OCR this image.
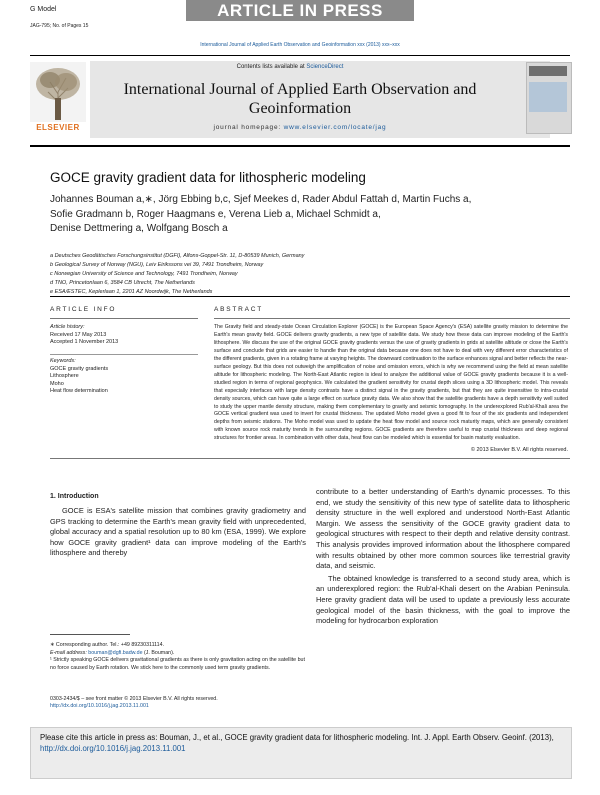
G Model
JAG-795; No. of Pages 15
ARTICLE IN PRESS
International Journal of Applied Earth Observation and Geoinformation xxx (2013) xxx–xxx
Contents lists available at ScienceDirect
International Journal of Applied Earth Observation and
Geoinformation
journal homepage: www.elsevier.com/locate/jag
ELSEVIER
GOCE gravity gradient data for lithospheric modeling
Johannes Bouman a,∗, Jörg Ebbing b,c, Sjef Meekes d, Rader Abdul Fattah d, Martin Fuchs a,
Sofie Gradmann b, Roger Haagmans e, Verena Lieb a, Michael Schmidt a,
Denise Dettmering a, Wolfgang Bosch a
a Deutsches Geodätisches Forschungsinstitut (DGFI), Alfons-Goppel-Str. 11, D-80539 Munich, Germany
b Geological Survey of Norway (NGU), Leiv Eirikssons vei 39, 7491 Trondheim, Norway
c Norwegian University of Science and Technology, 7491 Trondheim, Norway
d TNO, Princetonlaan 6, 3584 CB Utrecht, The Netherlands
e ESA/ESTEC, Keplerlaan 1, 2201 AZ Noordwijk, The Netherlands
ARTICLE INFO	ABSTRACT
Article history:
Received 17 May 2013
Accepted 1 November 2013
Keywords:
GOCE gravity gradients
Lithosphere
Moho
Heat flow determination
The Gravity field and steady-state Ocean Circulation Explorer (GOCE) is the European Space Agency's (ESA) satellite gravity mission to determine the Earth's mean gravity field. GOCE delivers gravity gradients, a new type of satellite data. We study how these data can improve modeling of the Earth's lithosphere. We discuss the use of the original GOCE gravity gradients versus the use of gravity gradients in grids at satellite altitude or close the Earth's surface and conclude that grids are easier to handle than the original data because one does not have to deal with very different error characteristics of the different gradients, given in a rotating frame at varying heights. The downward continuation to the surface enhances signal and better reflects the near-surface geology. But this does not outweigh the amplification of noise and omission errors, which is why we recommend using the field at mean satellite altitude for lithospheric modeling. The North-East Atlantic region is ideal to analyze the additional value of GOCE gravity gradients because it is a well-studied region in terms of regional geophysics. We calculated the gradient sensitivity for crustal depth slices using a 3D lithospheric model. This reveals that especially interfaces with large density contrasts have a distinct signal in the gravity gradients, but that they are quite insensitive to intra-crustal density sources, which can have quite a large effect on surface gravity data. We also show that the satellite gradients have a depth sensitivity well suited to study the upper mantle density structure, making them complementary to gravity and seismic tomography. In the underexplored Rub'al-Khali area the GOCE vertical gradient was used to invert for crustal thickness. The updated Moho model gives a good fit to four of the six gradients and independent depths from seismic stations. The Moho model was used to update the heat flow model and source rock maturity maps, which are generally consistent with known source rock maturity trends in the surrounding regions. GOCE gradients are therefore useful to map crustal thickness and deep regional structures for frontier areas. In combination with other data, heat flow can be modeled which is essential for basin maturity evaluation.
© 2013 Elsevier B.V. All rights reserved.
1. Introduction
GOCE is ESA's satellite mission that combines gravity gradiometry and GPS tracking to determine the Earth's mean gravity field with unprecedented, global accuracy and a spatial resolution up to 80 km (ESA, 1999). We explore how GOCE gravity gradient¹ data can improve modeling of the Earth's lithosphere and thereby
contribute to a better understanding of Earth's dynamic processes. To this end, we study the sensitivity of this new type of satellite data to lithospheric density structure in the well explored and understood North-East Atlantic Margin. We assess the sensitivity of the GOCE gravity gradient data to geological structures with respect to their depth and relative density contrast. This analysis provides improved information about the lithosphere compared with results obtained by other more common sources like terrestrial gravity data, and seismic.
The obtained knowledge is transferred to a second study area, which is an underexplored region: the Rub'al-Khali desert on the Arabian Peninsula. Here gravity gradient data will be used to update a previously less accurate geological model of the basin thickness, with the goal to improve the modeling for hydrocarbon exploration
∗ Corresponding author. Tel.: +49 89230311114.
E-mail address: bouman@dgfi.badw.de (J. Bouman).
¹ Strictly speaking GOCE delivers gravitational gradients as there is only gravitation acting on the satellite but no force caused by Earth rotation. We stick here to the commonly used term gravity gradients.
0303-2434/$ – see front matter © 2013 Elsevier B.V. All rights reserved.
http://dx.doi.org/10.1016/j.jag.2013.11.001
Please cite this article in press as: Bouman, J., et al., GOCE gravity gradient data for lithospheric modeling. Int. J. Appl. Earth Observ. Geoinf. (2013), http://dx.doi.org/10.1016/j.jag.2013.11.001
